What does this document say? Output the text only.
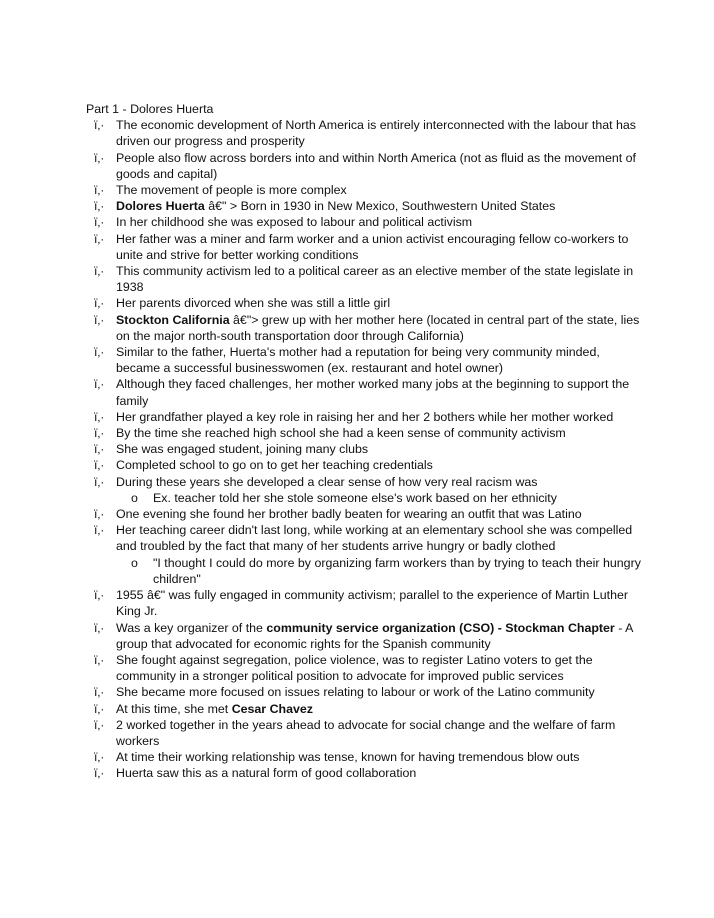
Part 1 - Dolores Huerta
ï‚· The economic development of North America is entirely interconnected with the labour that has driven our progress and prosperity
ï‚· People also flow across borders into and within North America (not as fluid as the movement of goods and capital)
ï‚· The movement of people is more complex
ï‚· Dolores Huerta â€" > Born in 1930 in New Mexico, Southwestern United States
ï‚· In her childhood she was exposed to labour and political activism
ï‚· Her father was a miner and farm worker and a union activist encouraging fellow co-workers to unite and strive for better working conditions
ï‚· This community activism led to a political career as an elective member of the state legislate in 1938
ï‚· Her parents divorced when she was still a little girl
ï‚· Stockton California â€"> grew up with her mother here (located in central part of the state, lies on the major north-south transportation door through California)
ï‚· Similar to the father, Huerta's mother had a reputation for being very community minded, became a successful businesswomen (ex. restaurant and hotel owner)
ï‚· Although they faced challenges, her mother worked many jobs at the beginning to support the family
ï‚· Her grandfather played a key role in raising her and her 2 bothers while her mother worked
ï‚· By the time she reached high school she had a keen sense of community activism
ï‚· She was engaged student, joining many clubs
ï‚· Completed school to go on to get her teaching credentials
ï‚· During these years she developed a clear sense of how very real racism was
o Ex. teacher told her she stole someone else's work based on her ethnicity
ï‚· One evening she found her brother badly beaten for wearing an outfit that was Latino
ï‚· Her teaching career didn't last long, while working at an elementary school she was compelled and troubled by the fact that many of her students arrive hungry or badly clothed
o "I thought I could do more by organizing farm workers than by trying to teach their hungry children"
ï‚· 1955 â€" was fully engaged in community activism; parallel to the experience of Martin Luther King Jr.
ï‚· Was a key organizer of the community service organization (CSO) - Stockman Chapter - A group that advocated for economic rights for the Spanish community
ï‚· She fought against segregation, police violence, was to register Latino voters to get the community in a stronger political position to advocate for improved public services
ï‚· She became more focused on issues relating to labour or work of the Latino community
ï‚· At this time, she met Cesar Chavez
ï‚· 2 worked together in the years ahead to advocate for social change and the welfare of farm workers
ï‚· At time their working relationship was tense, known for having tremendous blow outs
ï‚· Huerta saw this as a natural form of good collaboration
